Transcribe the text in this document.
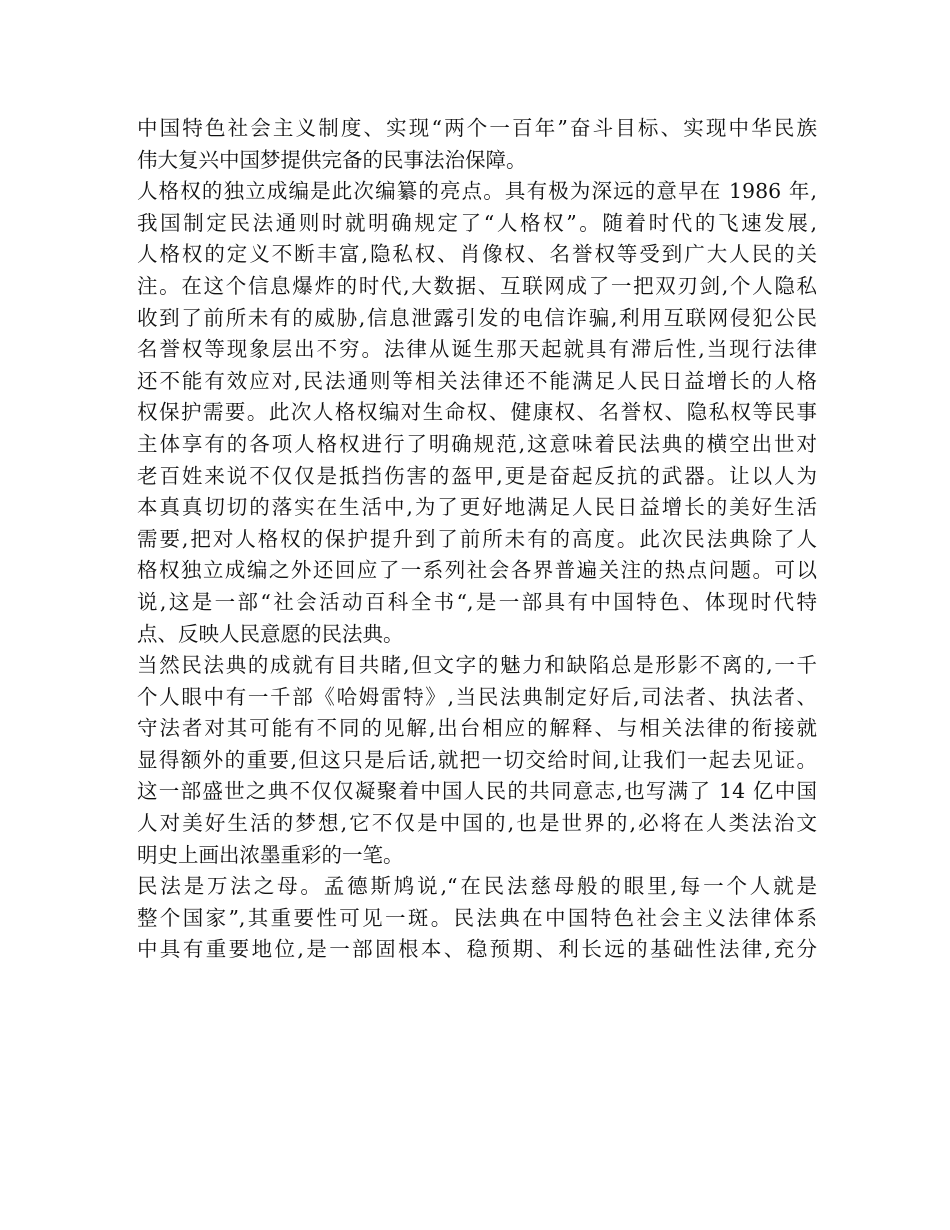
中国特色社会主义制度、实现“两个一百年”奋斗目标、实现中华民族
伟大复兴中国梦提供完备的民事法治保障。
人格权的独立成编是此次编纂的亮点。具有极为深远的意早在 1986 年,
我国制定民法通则时就明确规定了“人格权”。随着时代的飞速发展,
人格权的定义不断丰富,隐私权、肖像权、名誉权等受到广大人民的关
注。在这个信息爆炸的时代,大数据、互联网成了一把双刃剑,个人隐私
收到了前所未有的威胁,信息泄露引发的电信诈骗,利用互联网侵犯公民
名誉权等现象层出不穷。法律从诞生那天起就具有滞后性,当现行法律
还不能有效应对,民法通则等相关法律还不能满足人民日益增长的人格
权保护需要。此次人格权编对生命权、健康权、名誉权、隐私权等民事
主体享有的各项人格权进行了明确规范,这意味着民法典的横空出世对
老百姓来说不仅仅是抵挡伤害的盔甲,更是奋起反抗的武器。让以人为
本真真切切的落实在生活中,为了更好地满足人民日益增长的美好生活
需要,把对人格权的保护提升到了前所未有的高度。此次民法典除了人
格权独立成编之外还回应了一系列社会各界普遍关注的热点问题。可以
说,这是一部“社会活动百科全书“,是一部具有中国特色、体现时代特
点、反映人民意愿的民法典。
当然民法典的成就有目共睹,但文字的魅力和缺陷总是形影不离的,一千
个人眼中有一千部《哈姆雷特》,当民法典制定好后,司法者、执法者、
守法者对其可能有不同的见解,出台相应的解释、与相关法律的衔接就
显得额外的重要,但这只是后话,就把一切交给时间,让我们一起去见证。
这一部盛世之典不仅仅凝聚着中国人民的共同意志,也写满了 14 亿中国
人对美好生活的梦想,它不仅是中国的,也是世界的,必将在人类法治文
明史上画出浓墨重彩的一笔。
民法是万法之母。孟德斯鸠说,“在民法慈母般的眼里,每一个人就是
整个国家”,其重要性可见一斑。民法典在中国特色社会主义法律体系
中具有重要地位,是一部固根本、稳预期、利长远的基础性法律,充分
